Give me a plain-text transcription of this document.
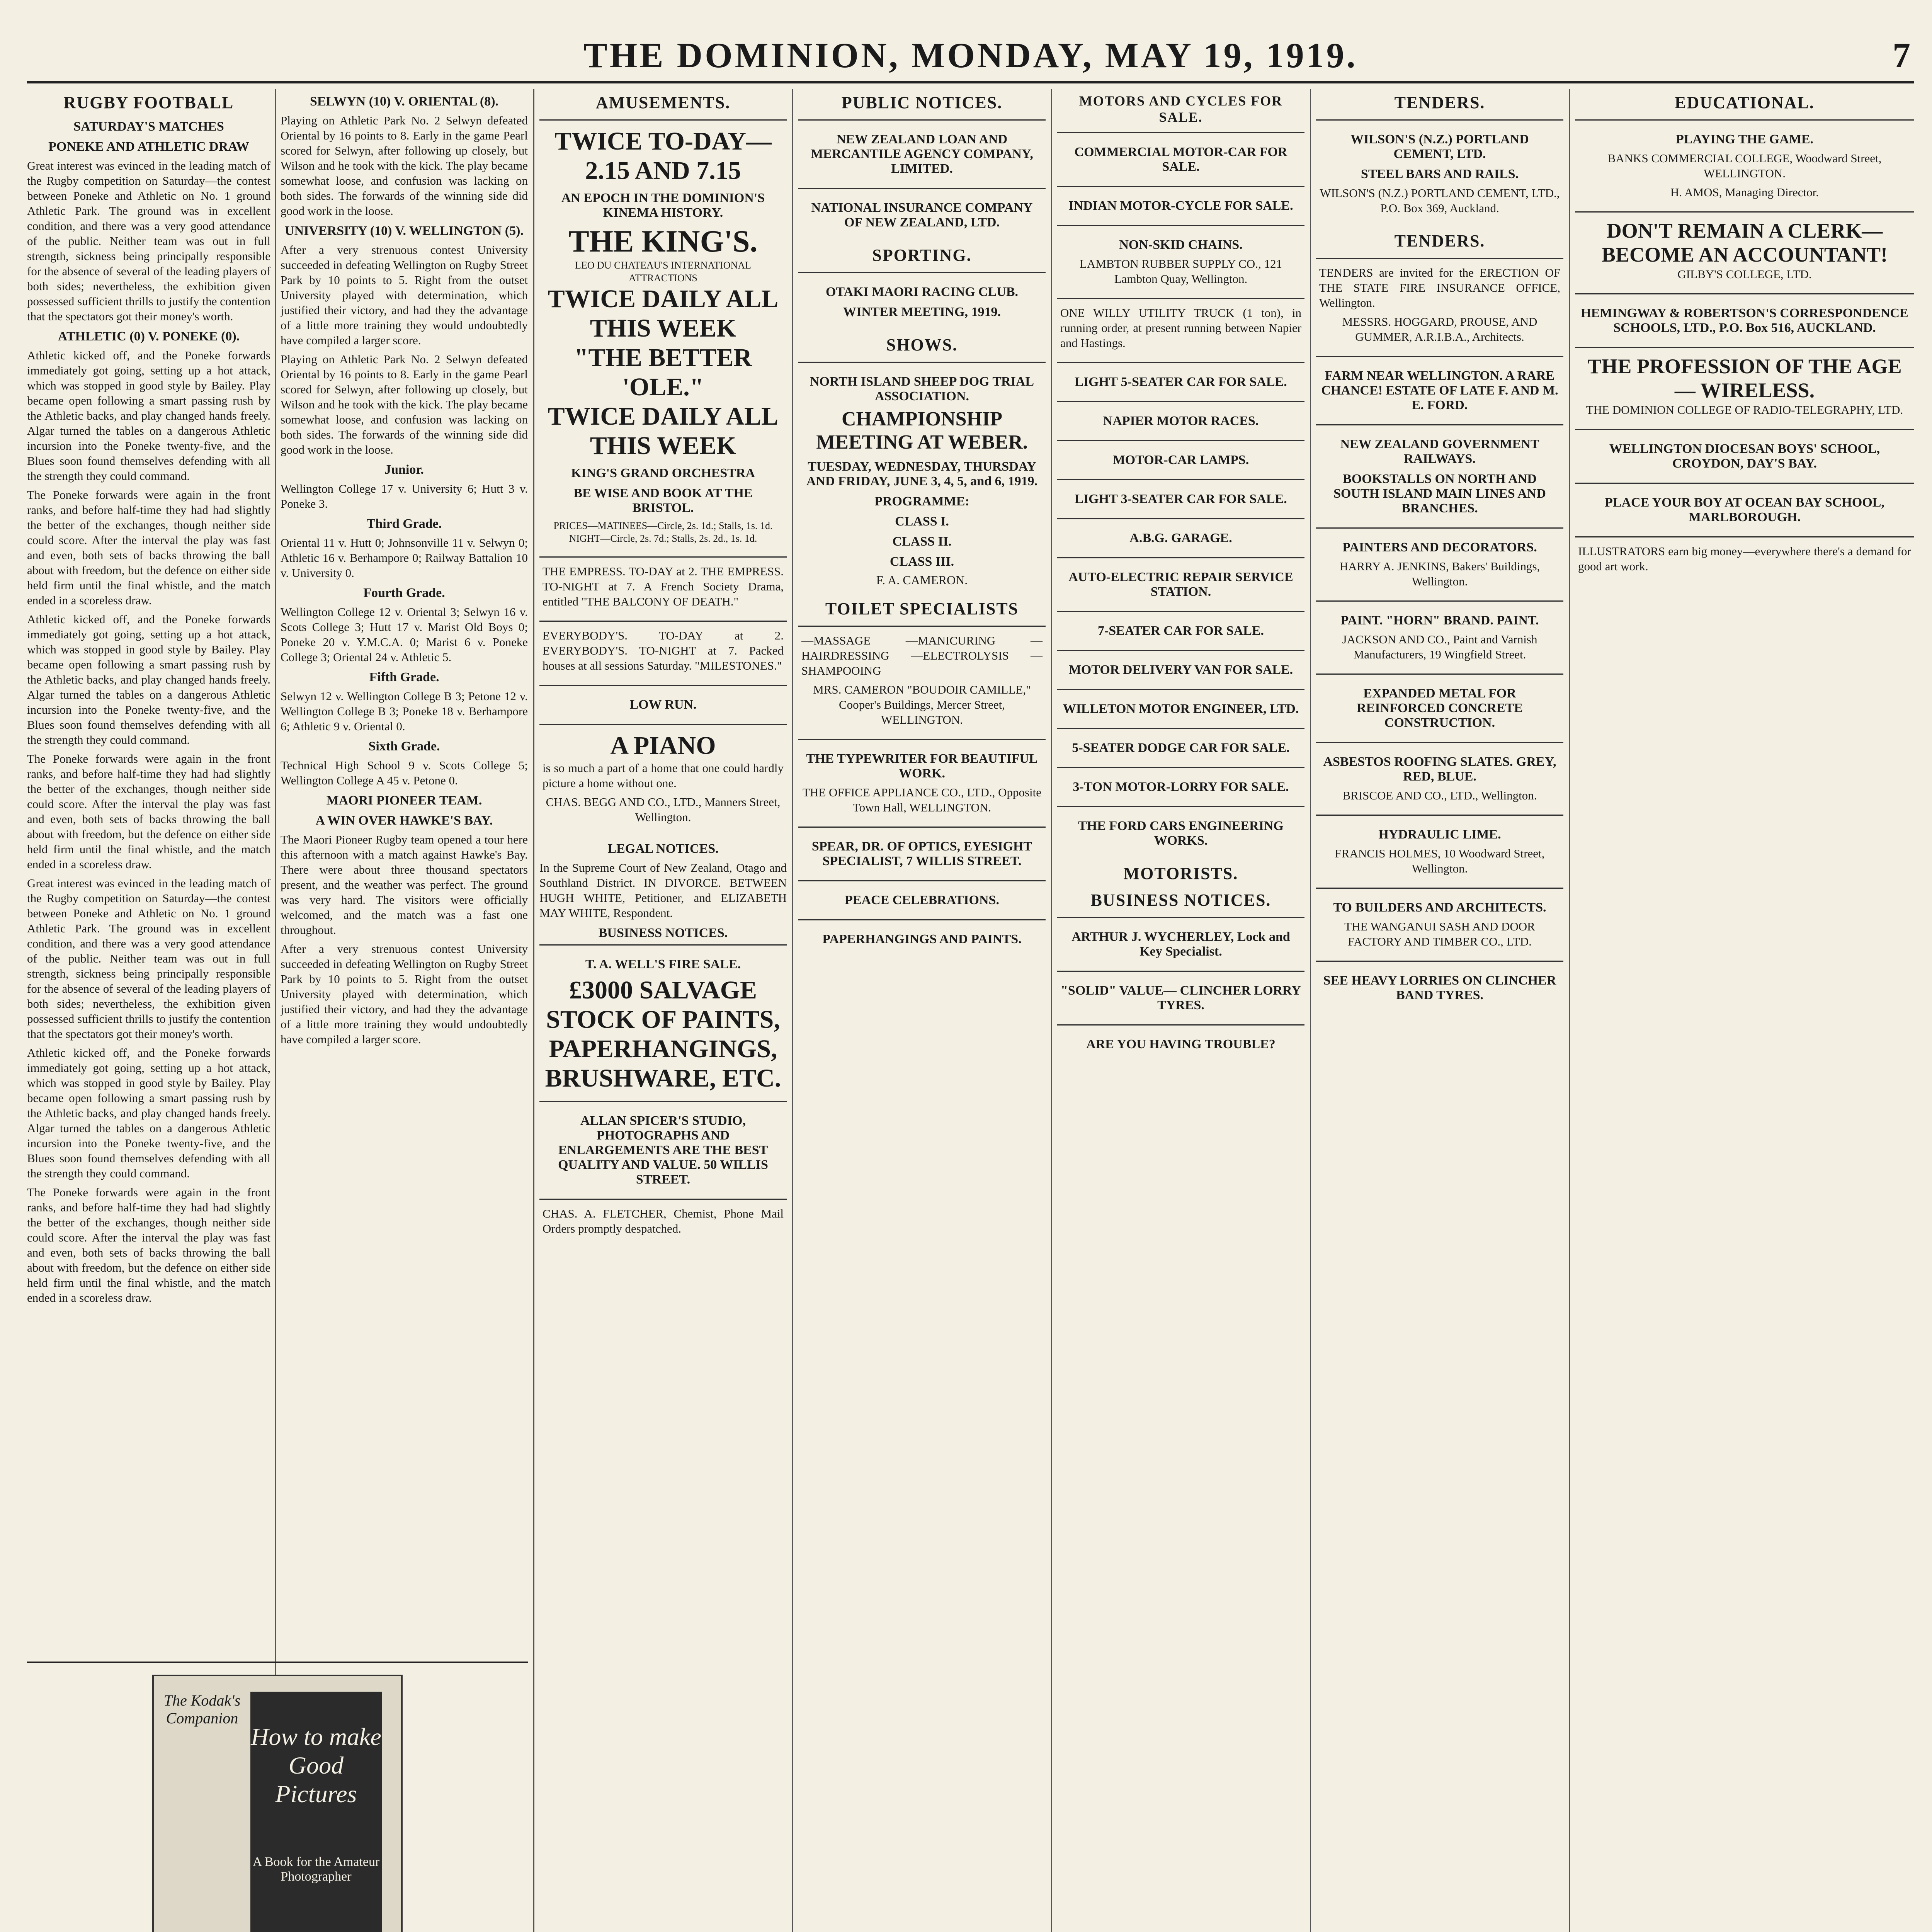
THE DOMINION, MONDAY, MAY 19, 1919.	7
RUGBY FOOTBALL
SATURDAY'S MATCHES
PONEKE AND ATHLETIC DRAW

Great interest was evinced in the leading match of the Rugby competition on Saturday—the contest between Poneke and Athletic on No. 1 ground Athletic Park. The ground was in excellent condition, and there was a very good attendance of the public. Neither team was out in full strength, sickness being principally responsible for the absence of several of the leading players of both sides; nevertheless, the exhibition given possessed sufficient thrills to justify the contention that the spectators got their money's worth.

ATHLETIC (0) V. PONEKE (0).

Athletic kicked off, and the Poneke forwards immediately got going, setting up a hot attack, which was stopped in good style by Bailey. Play became open following a smart passing rush by the Athletic backs, and play changed hands freely. Algar turned the tables on a dangerous Athletic incursion into the Poneke twenty-five, and the Blues soon found themselves defending with all the strength they could command.

The Poneke forwards were again in the front ranks, and before half-time they had had slightly the better of the exchanges, though neither side could score. After the interval the play was fast and even, both sets of backs throwing the ball about with freedom, but the defence on either side held firm until the final whistle, and the match ended in a scoreless draw.

Athletic kicked off, and the Poneke forwards immediately got going, setting up a hot attack, which was stopped in good style by Bailey. Play became open following a smart passing rush by the Athletic backs, and play changed hands freely. Algar turned the tables on a dangerous Athletic incursion into the Poneke twenty-five, and the Blues soon found themselves defending with all the strength they could command.

The Poneke forwards were again in the front ranks, and before half-time they had had slightly the better of the exchanges, though neither side could score. After the interval the play was fast and even, both sets of backs throwing the ball about with freedom, but the defence on either side held firm until the final whistle, and the match ended in a scoreless draw.

Great interest was evinced in the leading match of the Rugby competition on Saturday—the contest between Poneke and Athletic on No. 1 ground Athletic Park. The ground was in excellent condition, and there was a very good attendance of the public. Neither team was out in full strength, sickness being principally responsible for the absence of several of the leading players of both sides; nevertheless, the exhibition given possessed sufficient thrills to justify the contention that the spectators got their money's worth.

Athletic kicked off, and the Poneke forwards immediately got going, setting up a hot attack, which was stopped in good style by Bailey. Play became open following a smart passing rush by the Athletic backs, and play changed hands freely. Algar turned the tables on a dangerous Athletic incursion into the Poneke twenty-five, and the Blues soon found themselves defending with all the strength they could command.

The Poneke forwards were again in the front ranks, and before half-time they had had slightly the better of the exchanges, though neither side could score. After the interval the play was fast and even, both sets of backs throwing the ball about with freedom, but the defence on either side held firm until the final whistle, and the match ended in a scoreless draw.

SELWYN (10) V. ORIENTAL (8).

Playing on Athletic Park No. 2 Selwyn defeated Oriental by 16 points to 8. Early in the game Pearl scored for Selwyn, after following up closely, but Wilson and he took with the kick. The play became somewhat loose, and confusion was lacking on both sides. The forwards of the winning side did good work in the loose.

UNIVERSITY (10) V. WELLINGTON (5).

After a very strenuous contest University succeeded in defeating Wellington on Rugby Street Park by 10 points to 5. Right from the outset University played with determination, which justified their victory, and had they the advantage of a little more training they would undoubtedly have compiled a larger score.

Playing on Athletic Park No. 2 Selwyn defeated Oriental by 16 points to 8. Early in the game Pearl scored for Selwyn, after following up closely, but Wilson and he took with the kick. The play became somewhat loose, and confusion was lacking on both sides. The forwards of the winning side did good work in the loose.

Junior.

Wellington College 17 v. University 6; Hutt 3 v. Poneke 3.

Third Grade.

Oriental 11 v. Hutt 0; Johnsonville 11 v. Selwyn 0; Athletic 16 v. Berhampore 0; Railway Battalion 10 v. University 0.

Fourth Grade.

Wellington College 12 v. Oriental 3; Selwyn 16 v. Scots College 3; Hutt 17 v. Marist Old Boys 0; Poneke 20 v. Y.M.C.A. 0; Marist 6 v. Poneke College 3; Oriental 24 v. Athletic 5.

Fifth Grade.

Selwyn 12 v. Wellington College B 3; Petone 12 v. Wellington College B 3; Poneke 18 v. Berhampore 6; Athletic 9 v. Oriental 0.

Sixth Grade.

Technical High School 9 v. Scots College 5; Wellington College A 45 v. Petone 0.

MAORI PIONEER TEAM.
A WIN OVER HAWKE'S BAY.

The Maori Pioneer Rugby team opened a tour here this afternoon with a match against Hawke's Bay. There were about three thousand spectators present, and the weather was perfect. The ground was very hard. The visitors were officially welcomed, and the match was a fast one throughout.

After a very strenuous contest University succeeded in defeating Wellington on Rugby Street Park by 10 points to 5. Right from the outset University played with determination, which justified their victory, and had they the advantage of a little more training they would undoubtedly have compiled a larger score.

The Kodak's Companion
How to make Good Pictures
A Book for the Amateur Photographer

AMUSEMENTS.
TWICE TO-DAY—2.15 AND 7.15
AN EPOCH IN THE DOMINION'S KINEMA HISTORY.
THE KING'S.
LEO DU CHATEAU'S INTERNATIONAL ATTRACTIONS
TWICE DAILY ALL THIS WEEK
"THE BETTER 'OLE."
TWICE DAILY ALL THIS WEEK
KING'S GRAND ORCHESTRA
BE WISE AND BOOK AT THE BRISTOL.

PRICES—MATINEES—Circle, 2s. 1d.; Stalls, 1s. 1d. NIGHT—Circle, 2s. 7d.; Stalls, 2s. 2d., 1s. 1d.

THE EMPRESS. TO-DAY at 2. THE EMPRESS. TO-NIGHT at 7. A French Society Drama, entitled "THE BALCONY OF DEATH."

EVERYBODY'S. TO-DAY at 2. EVERYBODY'S. TO-NIGHT at 7. Packed houses at all sessions Saturday. "MILESTONES."

LOW RUN.
A PIANO

is so much a part of a home that one could hardly picture a home without one.

CHAS. BEGG AND CO., LTD., Manners Street, Wellington.

LEGAL NOTICES.

In the Supreme Court of New Zealand, Otago and Southland District. IN DIVORCE. BETWEEN HUGH WHITE, Petitioner, and ELIZABETH MAY WHITE, Respondent.

BUSINESS NOTICES.
T. A. WELL'S FIRE SALE.
£3000 SALVAGE STOCK OF PAINTS, PAPERHANGINGS, BRUSHWARE, ETC.
ALLAN SPICER'S STUDIO, PHOTOGRAPHS AND ENLARGEMENTS ARE THE BEST QUALITY AND VALUE. 50 WILLIS STREET.

CHAS. A. FLETCHER, Chemist, Phone Mail Orders promptly despatched.

PUBLIC NOTICES.
NEW ZEALAND LOAN AND MERCANTILE AGENCY COMPANY, LIMITED.
NATIONAL INSURANCE COMPANY OF NEW ZEALAND, LTD.
SPORTING.
OTAKI MAORI RACING CLUB.
WINTER MEETING, 1919.
SHOWS.
NORTH ISLAND SHEEP DOG TRIAL ASSOCIATION.
CHAMPIONSHIP MEETING AT WEBER.
TUESDAY, WEDNESDAY, THURSDAY AND FRIDAY, JUNE 3, 4, 5, and 6, 1919.
PROGRAMME:
CLASS I.
CLASS II.
CLASS III.
F. A. CAMERON.
TOILET SPECIALISTS

—MASSAGE —MANICURING —HAIRDRESSING —ELECTROLYSIS —SHAMPOOING

MRS. CAMERON "BOUDOIR CAMILLE," Cooper's Buildings, Mercer Street, WELLINGTON.

THE TYPEWRITER FOR BEAUTIFUL WORK.

THE OFFICE APPLIANCE CO., LTD., Opposite Town Hall, WELLINGTON.

SPEAR, DR. OF OPTICS, EYESIGHT SPECIALIST, 7 WILLIS STREET.
PEACE CELEBRATIONS.
PAPERHANGINGS AND PAINTS.
MOTORS AND CYCLES FOR SALE.
COMMERCIAL MOTOR-CAR FOR SALE.
INDIAN MOTOR-CYCLE FOR SALE.
NON-SKID CHAINS.

LAMBTON RUBBER SUPPLY CO., 121 Lambton Quay, Wellington.

ONE WILLY UTILITY TRUCK (1 ton), in running order, at present running between Napier and Hastings.

LIGHT 5-SEATER CAR FOR SALE.
NAPIER MOTOR RACES.
MOTOR-CAR LAMPS.
LIGHT 3-SEATER CAR FOR SALE.
A.B.G. GARAGE.
AUTO-ELECTRIC REPAIR SERVICE STATION.
7-SEATER CAR FOR SALE.
MOTOR DELIVERY VAN FOR SALE.
WILLETON MOTOR ENGINEER, LTD.
5-SEATER DODGE CAR FOR SALE.
3-TON MOTOR-LORRY FOR SALE.
THE FORD CARS ENGINEERING WORKS.
MOTORISTS.
BUSINESS NOTICES.
ARTHUR J. WYCHERLEY, Lock and Key Specialist.
"SOLID" VALUE— CLINCHER LORRY TYRES.
ARE YOU HAVING TROUBLE?
TENDERS.
WILSON'S (N.Z.) PORTLAND CEMENT, LTD.
STEEL BARS AND RAILS.

WILSON'S (N.Z.) PORTLAND CEMENT, LTD., P.O. Box 369, Auckland.

TENDERS.

TENDERS are invited for the ERECTION OF THE STATE FIRE INSURANCE OFFICE, Wellington.

MESSRS. HOGGARD, PROUSE, AND GUMMER, A.R.I.B.A., Architects.

FARM NEAR WELLINGTON. A RARE CHANCE! ESTATE OF LATE F. AND M. E. FORD.
NEW ZEALAND GOVERNMENT RAILWAYS.
BOOKSTALLS ON NORTH AND SOUTH ISLAND MAIN LINES AND BRANCHES.
PAINTERS AND DECORATORS.

HARRY A. JENKINS, Bakers' Buildings, Wellington.

PAINT. "HORN" BRAND. PAINT.

JACKSON AND CO., Paint and Varnish Manufacturers, 19 Wingfield Street.

EXPANDED METAL FOR REINFORCED CONCRETE CONSTRUCTION.
ASBESTOS ROOFING SLATES. GREY, RED, BLUE.

BRISCOE AND CO., LTD., Wellington.

HYDRAULIC LIME.

FRANCIS HOLMES, 10 Woodward Street, Wellington.

TO BUILDERS AND ARCHITECTS.

THE WANGANUI SASH AND DOOR FACTORY AND TIMBER CO., LTD.

SEE HEAVY LORRIES ON CLINCHER BAND TYRES.
EDUCATIONAL.
PLAYING THE GAME.

BANKS COMMERCIAL COLLEGE, Woodward Street, WELLINGTON.

H. AMOS, Managing Director.

DON'T REMAIN A CLERK— BECOME AN ACCOUNTANT!

GILBY'S COLLEGE, LTD.

HEMINGWAY & ROBERTSON'S CORRESPONDENCE SCHOOLS, LTD., P.O. Box 516, AUCKLAND.
THE PROFESSION OF THE AGE— WIRELESS.

THE DOMINION COLLEGE OF RADIO-TELEGRAPHY, LTD.

WELLINGTON DIOCESAN BOYS' SCHOOL, CROYDON, DAY'S BAY.
PLACE YOUR BOY AT OCEAN BAY SCHOOL, MARLBOROUGH.

ILLUSTRATORS earn big money—everywhere there's a demand for good art work.
